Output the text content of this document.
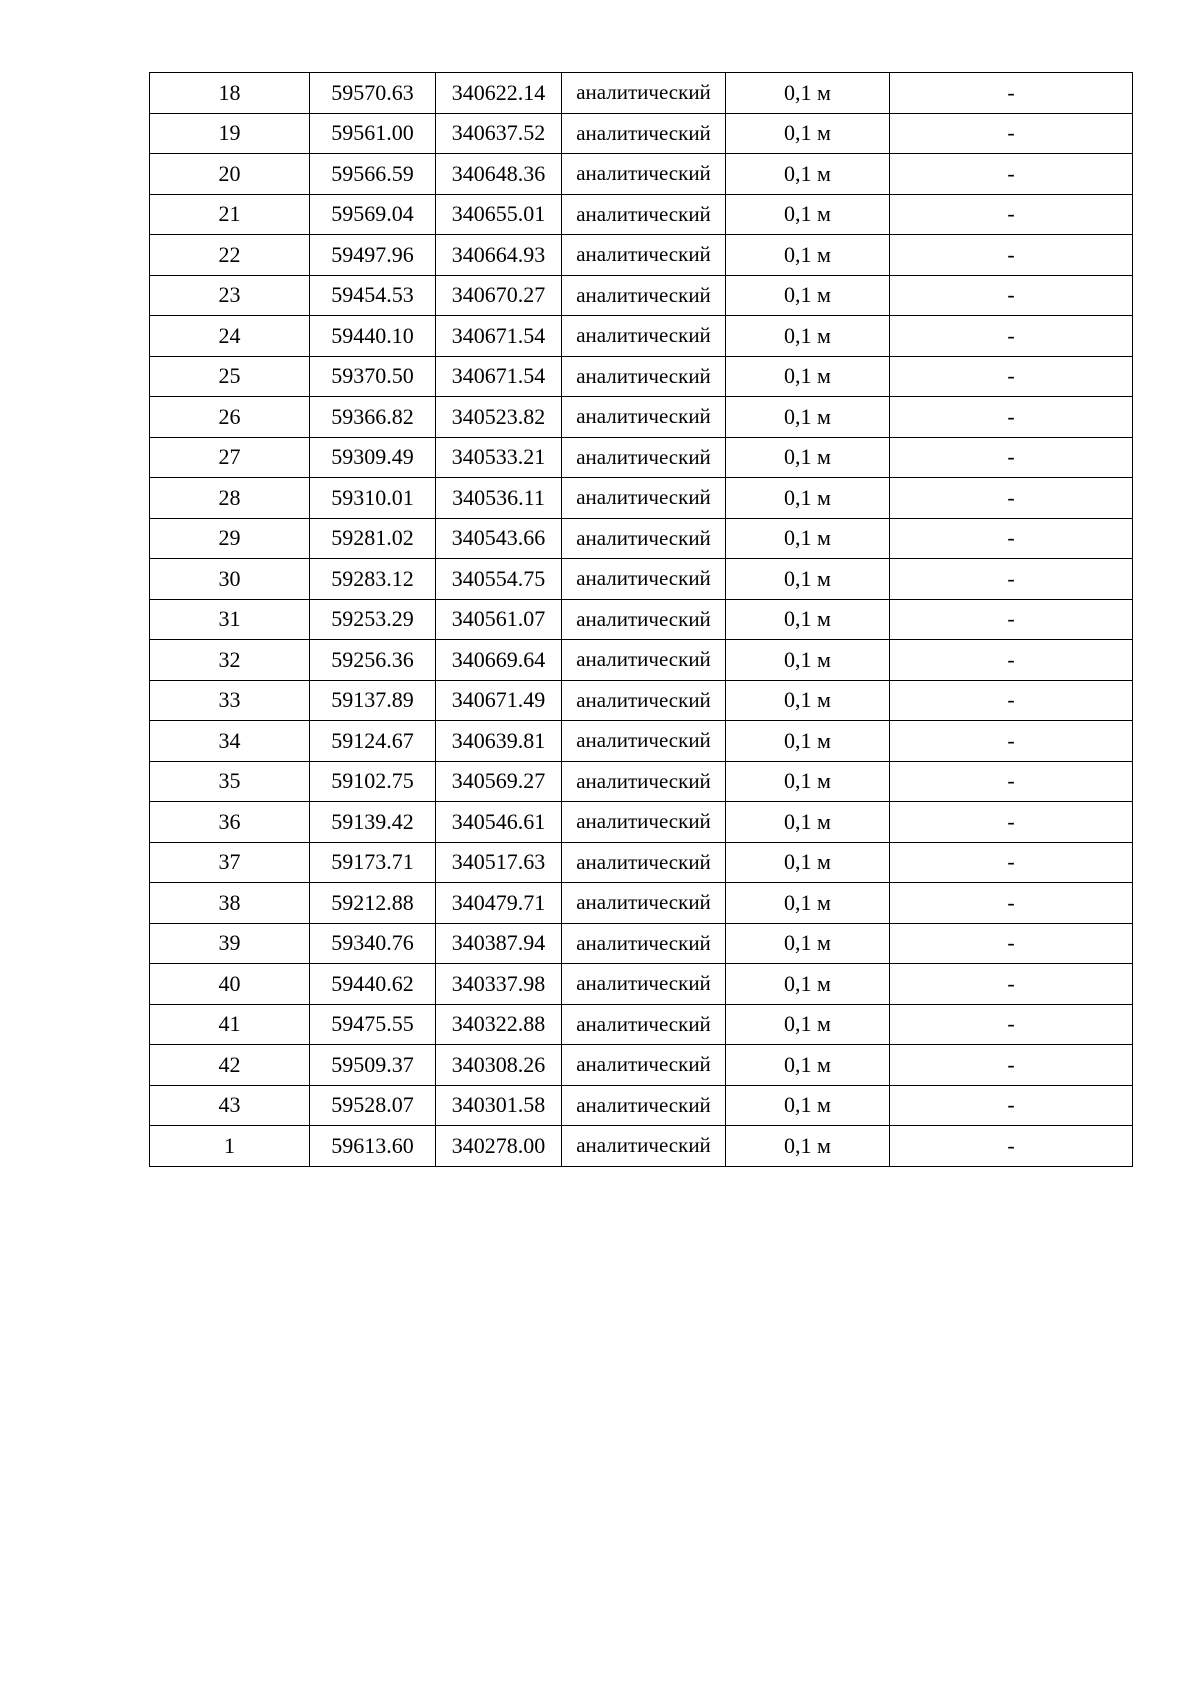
18	59570.63	340622.14	аналитический	0,1 м	-
19	59561.00	340637.52	аналитический	0,1 м	-
20	59566.59	340648.36	аналитический	0,1 м	-
21	59569.04	340655.01	аналитический	0,1 м	-
22	59497.96	340664.93	аналитический	0,1 м	-
23	59454.53	340670.27	аналитический	0,1 м	-
24	59440.10	340671.54	аналитический	0,1 м	-
25	59370.50	340671.54	аналитический	0,1 м	-
26	59366.82	340523.82	аналитический	0,1 м	-
27	59309.49	340533.21	аналитический	0,1 м	-
28	59310.01	340536.11	аналитический	0,1 м	-
29	59281.02	340543.66	аналитический	0,1 м	-
30	59283.12	340554.75	аналитический	0,1 м	-
31	59253.29	340561.07	аналитический	0,1 м	-
32	59256.36	340669.64	аналитический	0,1 м	-
33	59137.89	340671.49	аналитический	0,1 м	-
34	59124.67	340639.81	аналитический	0,1 м	-
35	59102.75	340569.27	аналитический	0,1 м	-
36	59139.42	340546.61	аналитический	0,1 м	-
37	59173.71	340517.63	аналитический	0,1 м	-
38	59212.88	340479.71	аналитический	0,1 м	-
39	59340.76	340387.94	аналитический	0,1 м	-
40	59440.62	340337.98	аналитический	0,1 м	-
41	59475.55	340322.88	аналитический	0,1 м	-
42	59509.37	340308.26	аналитический	0,1 м	-
43	59528.07	340301.58	аналитический	0,1 м	-
1	59613.60	340278.00	аналитический	0,1 м	-
